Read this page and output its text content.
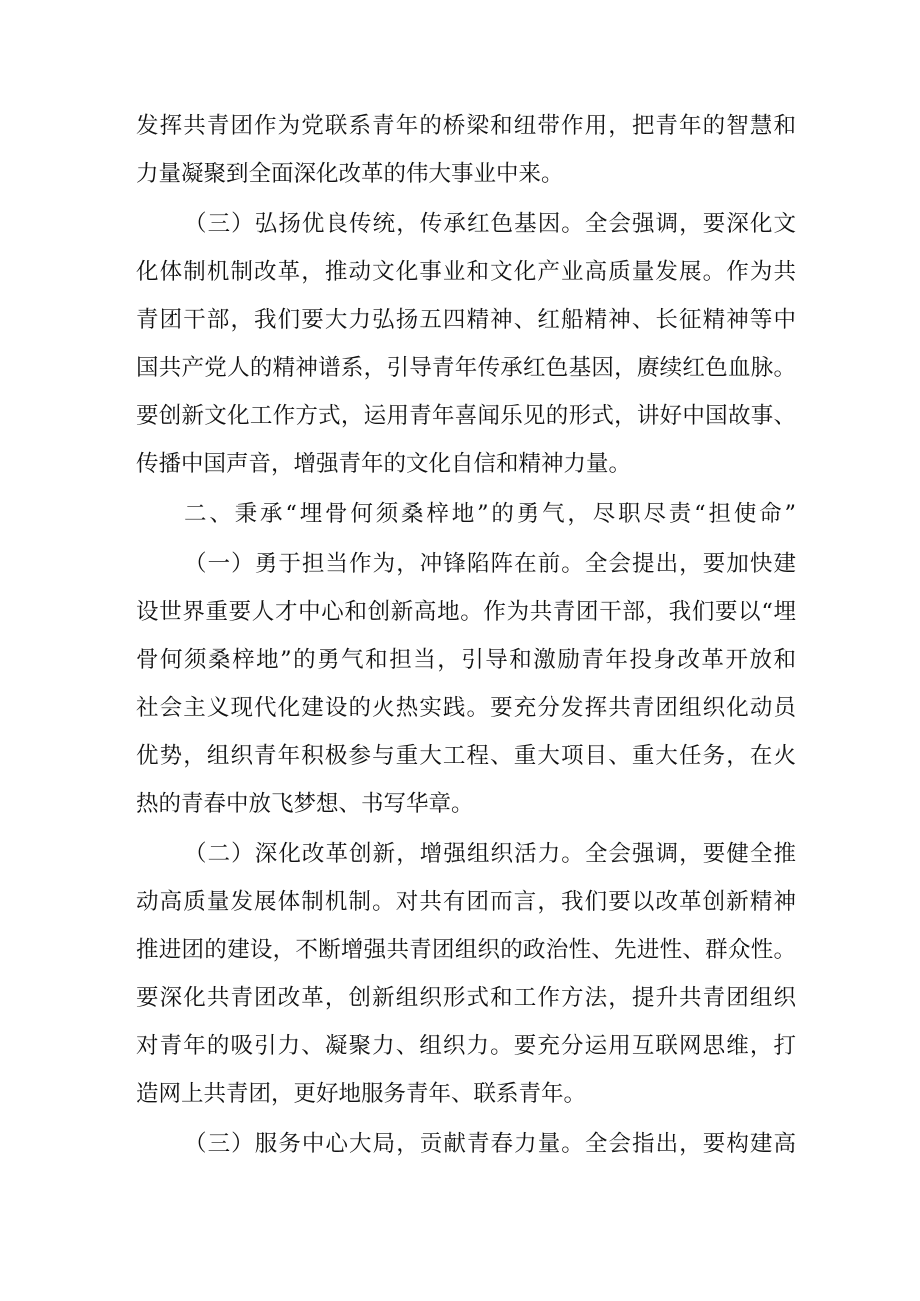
发挥共青团作为党联系青年的桥梁和纽带作用，把青年的智慧和

力量凝聚到全面深化改革的伟大事业中来。

（三）弘扬优良传统，传承红色基因。全会强调，要深化文

化体制机制改革，推动文化事业和文化产业高质量发展。作为共

青团干部，我们要大力弘扬五四精神、红船精神、长征精神等中

国共产党人的精神谱系，引导青年传承红色基因，赓续红色血脉。

要创新文化工作方式，运用青年喜闻乐见的形式，讲好中国故事、

传播中国声音，增强青年的文化自信和精神力量。

二、秉承“埋骨何须桑梓地”的勇气，尽职尽责“担使命”

（一）勇于担当作为，冲锋陷阵在前。全会提出，要加快建

设世界重要人才中心和创新高地。作为共青团干部，我们要以“埋

骨何须桑梓地”的勇气和担当，引导和激励青年投身改革开放和

社会主义现代化建设的火热实践。要充分发挥共青团组织化动员

优势，组织青年积极参与重大工程、重大项目、重大任务，在火

热的青春中放飞梦想、书写华章。

（二）深化改革创新，增强组织活力。全会强调，要健全推

动高质量发展体制机制。对共有团而言，我们要以改革创新精神

推进团的建设，不断增强共青团组织的政治性、先进性、群众性。

要深化共青团改革，创新组织形式和工作方法，提升共青团组织

对青年的吸引力、凝聚力、组织力。要充分运用互联网思维，打

造网上共青团，更好地服务青年、联系青年。

（三）服务中心大局，贡献青春力量。全会指出，要构建高
